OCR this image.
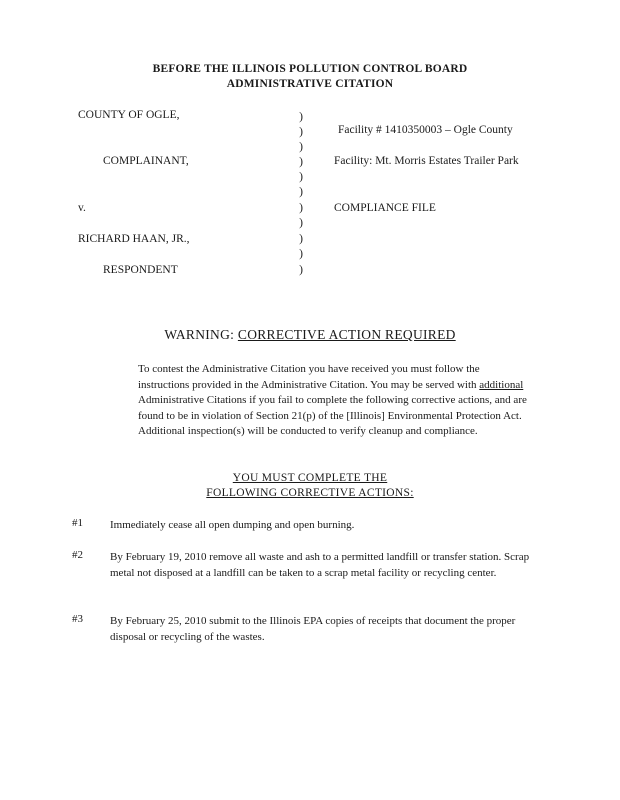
BEFORE THE ILLINOIS POLLUTION CONTROL BOARD
ADMINISTRATIVE CITATION
COUNTY OF OGLE,
COMPLAINANT,
v.
RICHARD HAAN, JR.,
RESPONDENT
)
)
)
)
)
)
)
)
)
)
)
Facility # 1410350003 – Ogle County
Facility: Mt. Morris Estates Trailer Park
COMPLIANCE FILE
WARNING: CORRECTIVE ACTION REQUIRED
To contest the Administrative Citation you have received you must follow the instructions provided in the Administrative Citation. You may be served with additional Administrative Citations if you fail to complete the following corrective actions, and are found to be in violation of Section 21(p) of the [Illinois] Environmental Protection Act. Additional inspection(s) will be conducted to verify cleanup and compliance.
YOU MUST COMPLETE THE
FOLLOWING CORRECTIVE ACTIONS:
#1 Immediately cease all open dumping and open burning.
#2 By February 19, 2010 remove all waste and ash to a permitted landfill or transfer station. Scrap metal not disposed at a landfill can be taken to a scrap metal facility or recycling center.
#3 By February 25, 2010 submit to the Illinois EPA copies of receipts that document the proper disposal or recycling of the wastes.
